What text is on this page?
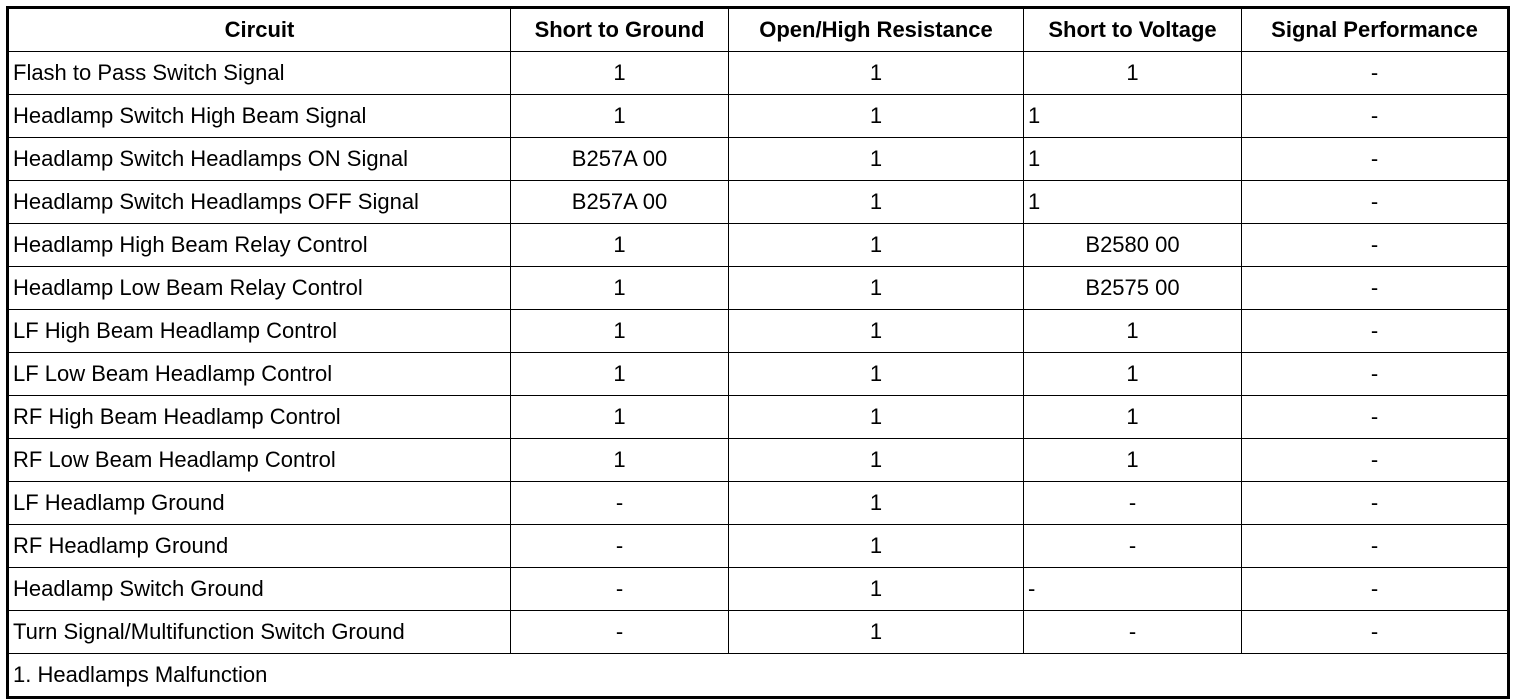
Circuit	Short to Ground	Open/High Resistance	Short to Voltage	Signal Performance
Flash to Pass Switch Signal	1	1	1	-
Headlamp Switch High Beam Signal	1	1	1	-
Headlamp Switch Headlamps ON Signal	B257A 00	1	1	-
Headlamp Switch Headlamps OFF Signal	B257A 00	1	1	-
Headlamp High Beam Relay Control	1	1	B2580 00	-
Headlamp Low Beam Relay Control	1	1	B2575 00	-
LF High Beam Headlamp Control	1	1	1	-
LF Low Beam Headlamp Control	1	1	1	-
RF High Beam Headlamp Control	1	1	1	-
RF Low Beam Headlamp Control	1	1	1	-
LF Headlamp Ground	-	1	-	-
RF Headlamp Ground	-	1	-	-
Headlamp Switch Ground	-	1	-	-
Turn Signal/Multifunction Switch Ground	-	1	-	-
1. Headlamps Malfunction				
